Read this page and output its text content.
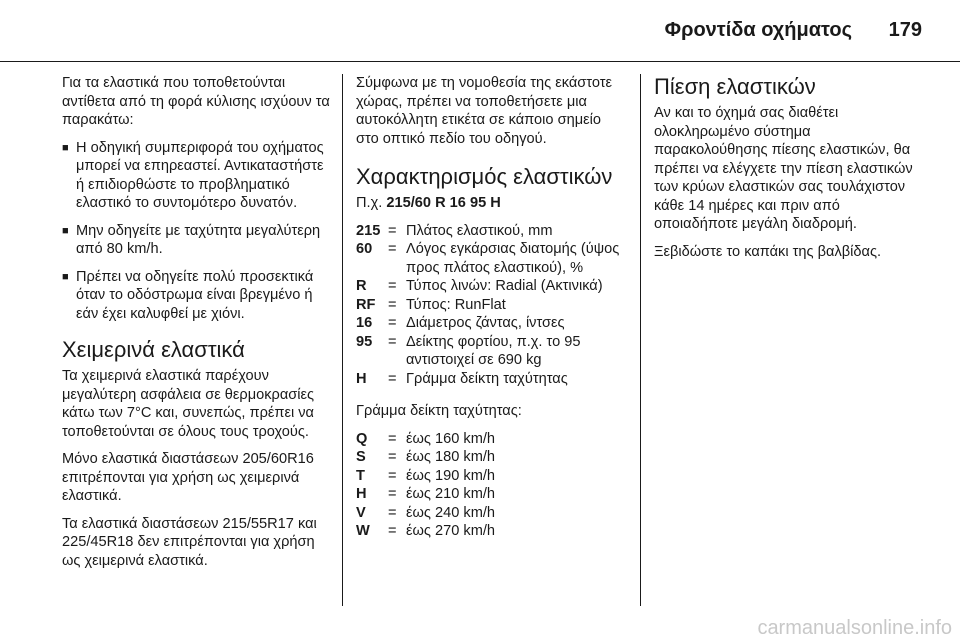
Φροντίδα οχήματος 179

Για τα ελαστικά που τοποθετούνται αντίθετα από τη φορά κύλισης ισχύουν τα παρακάτω:

■ Η οδηγική συμπεριφορά του οχήματος μπορεί να επηρεαστεί. Αντικαταστήστε ή επιδιορθώστε το προβληματικό ελαστικό το συντομότερο δυνατόν.
■ Μην οδηγείτε με ταχύτητα μεγαλύτερη από 80 km/h.
■ Πρέπει να οδηγείτε πολύ προσεκτικά όταν το οδόστρωμα είναι βρεγμένο ή εάν έχει καλυφθεί με χιόνι.
Χειμερινά ελαστικά

Τα χειμερινά ελαστικά παρέχουν μεγαλύτερη ασφάλεια σε θερμοκρασίες κάτω των 7°C και, συνεπώς, πρέπει να τοποθετούνται σε όλους τους τροχούς.

Μόνο ελαστικά διαστάσεων 205/60R16 επιτρέπονται για χρήση ως χειμερινά ελαστικά.

Τα ελαστικά διαστάσεων 215/55R17 και 225/45R18 δεν επιτρέπονται για χρήση ως χειμερινά ελαστικά.

Σύμφωνα με τη νομοθεσία της εκάστοτε χώρας, πρέπει να τοποθετήσετε μια αυτοκόλλητη ετικέτα σε κάποιο σημείο στο οπτικό πεδίο του οδηγού.

Χαρακτηρισμός ελαστικών

Π.χ. 215/60 R 16 95 H

215 = Πλάτος ελαστικού, mm
60	= Λόγος εγκάρσιας διατομής (ύψος προς πλάτος ελαστικού), %
R	= Τύπος λινών: Radial (Ακτινικά)
RF = Τύπος: RunFlat
16	= Διάμετρος ζάντας, ίντσες
95	= Δείκτης φορτίου, π.χ. το 95 αντιστοιχεί σε 690 kg
H	= Γράμμα δείκτη ταχύτητας

Γράμμα δείκτη ταχύτητας:

Q	= έως 160 km/h
S	= έως 180 km/h
T	= έως 190 km/h
H	= έως 210 km/h
V	= έως 240 km/h
W	= έως 270 km/h
Πίεση ελαστικών

Αν και το όχημά σας διαθέτει ολοκληρωμένο σύστημα παρακολούθησης πίεσης ελαστικών, θα πρέπει να ελέγχετε την πίεση ελαστικών των κρύων ελαστικών σας τουλάχιστον κάθε 14 ημέρες και πριν από οποιαδήποτε μεγάλη διαδρομή.

Ξεβιδώστε το καπάκι της βαλβίδας.

carmanualsonline.info
